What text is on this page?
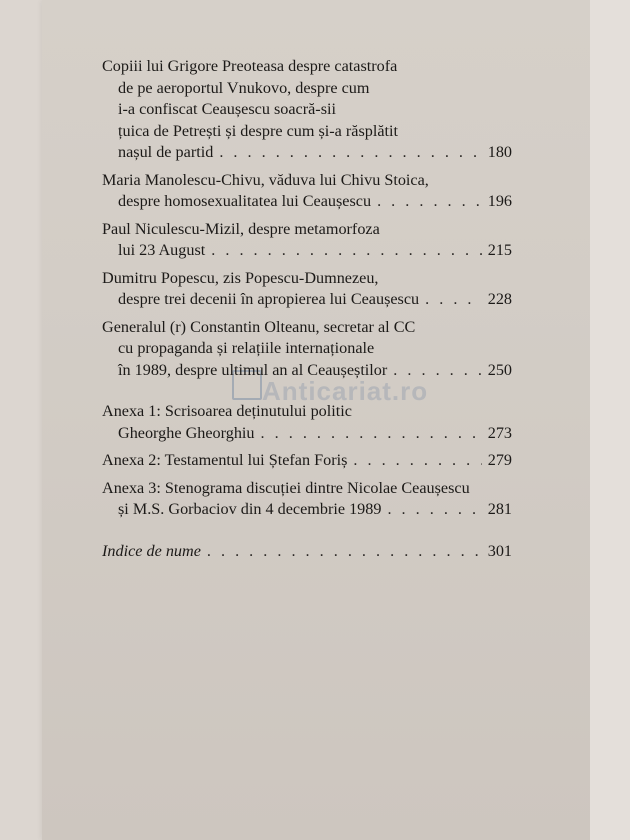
Anticariat.ro
Copiii lui Grigore Preoteasa despre catastrofa
de pe aeroportul Vnukovo, despre cum
i-a confiscat Ceaușescu soacră-sii
țuica de Petrești și despre cum și-a răsplătit
nașul de partid . . .	180
Maria Manolescu-Chivu, văduva lui Chivu Stoica,
despre homosexualitatea lui Ceaușescu . . .	196
Paul Niculescu-Mizil, despre metamorfoza
lui 23 August . . .	215
Dumitru Popescu, zis Popescu-Dumnezeu,
despre trei decenii în apropierea lui Ceaușescu . . .	228
Generalul (r) Constantin Olteanu, secretar al CC
cu propaganda și relațiile internaționale
în 1989, despre ultimul an al Ceaușeștilor . . .	250
Anexa 1: Scrisoarea deținutului politic
Gheorghe Gheorghiu . . .	273
Anexa 2: Testamentul lui Ștefan Foriș . . .	279
Anexa 3: Stenograma discuției dintre Nicolae Ceaușescu
și M.S. Gorbaciov din 4 decembrie 1989 . . .	281
Indice de nume . . .	301
